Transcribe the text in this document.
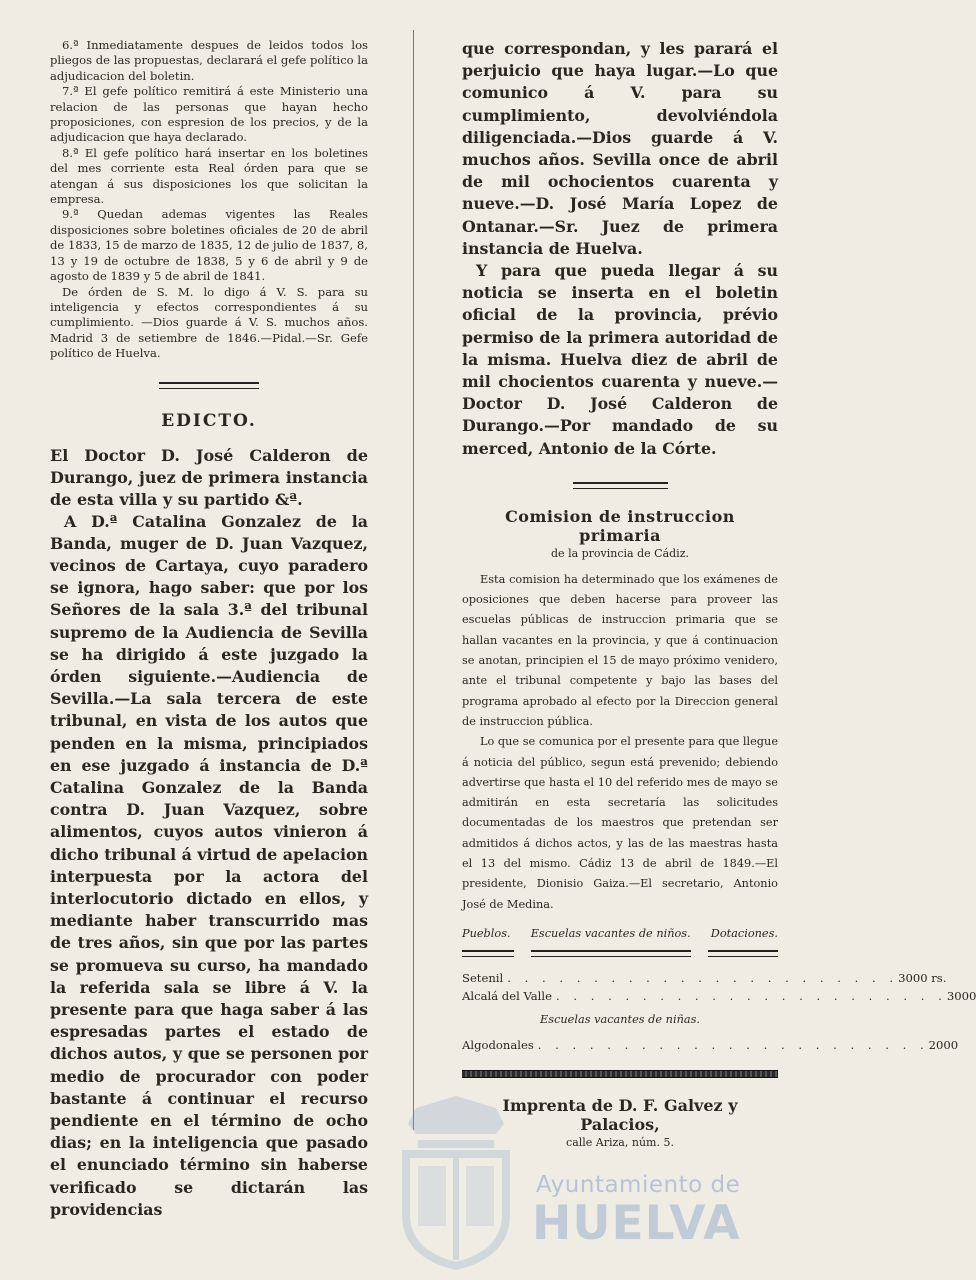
6.ª Inmediatamente despues de leidos todos los pliegos de las propuestas, declarará el gefe político la adjudicacion del boletin.

7.ª El gefe político remitirá á este Ministerio una relacion de las personas que hayan hecho proposiciones, con espresion de los precios, y de la adjudicacion que haya declarado.

8.ª El gefe político hará insertar en los boletines del mes corriente esta Real órden para que se atengan á sus disposiciones los que solicitan la empresa.

9.ª Quedan ademas vigentes las Reales disposiciones sobre boletines oficiales de 20 de abril de 1833, 15 de marzo de 1835, 12 de julio de 1837, 8, 13 y 19 de octubre de 1838, 5 y 6 de abril y 9 de agosto de 1839 y 5 de abril de 1841.

De órden de S. M. lo digo á V. S. para su inteligencia y efectos correspondientes á su cumplimiento. —Dios guarde á V. S. muchos años. Madrid 3 de setiembre de 1846.—Pidal.—Sr. Gefe político de Huelva.

EDICTO.

El Doctor D. José Calderon de Durango, juez de primera instancia de esta villa y su partido &ª.

A D.ª Catalina Gonzalez de la Banda, muger de D. Juan Vazquez, vecinos de Cartaya, cuyo paradero se ignora, hago saber: que por los Señores de la sala 3.ª del tribunal supremo de la Audiencia de Sevilla se ha dirigido á este juzgado la órden siguiente.—Audiencia de Sevilla.—La sala tercera de este tribunal, en vista de los autos que penden en la misma, principiados en ese juzgado á instancia de D.ª Catalina Gonzalez de la Banda contra D. Juan Vazquez, sobre alimentos, cuyos autos vinieron á dicho tribunal á virtud de apelacion interpuesta por la actora del interlocutorio dictado en ellos, y mediante haber transcurrido mas de tres años, sin que por las partes se promueva su curso, ha mandado la referida sala se libre á V. la presente para que haga saber á las espresadas partes el estado de dichos autos, y que se personen por medio de procurador con poder bastante á continuar el recurso pendiente en el término de ocho dias; en la inteligencia que pasado el enunciado término sin haberse verificado se dictarán las providencias

que correspondan, y les parará el perjuicio que haya lugar.—Lo que comunico á V. para su cumplimiento, devolviéndola diligenciada.—Dios guarde á V. muchos años. Sevilla once de abril de mil ochocientos cuarenta y nueve.—D. José María Lopez de Ontanar.—Sr. Juez de primera instancia de Huelva.

Y para que pueda llegar á su noticia se inserta en el boletin oficial de la provincia, prévio permiso de la primera autoridad de la misma. Huelva diez de abril de mil chocientos cuarenta y nueve.—Doctor D. José Calderon de Durango.—Por mandado de su merced, Antonio de la Córte.

Comision de instruccion primaria

de la provincia de Cádiz.

Esta comision ha determinado que los exámenes de oposiciones que deben hacerse para proveer las escuelas públicas de instruccion primaria que se hallan vacantes en la provincia, y que á continuacion se anotan, principien el 15 de mayo próximo venidero, ante el tribunal competente y bajo las bases del programa aprobado al efecto por la Direccion general de instruccion pública.

Lo que se comunica por el presente para que llegue á noticia del público, segun está prevenido; debiendo advertirse que hasta el 10 del referido mes de mayo se admitirán en esta secretaría las solicitudes documentadas de los maestros que pretendan ser admitidos á dichos actos, y las de las maestras hasta el 13 del mismo. Cádiz 13 de abril de 1849.—El presidente, Dionisio Gaiza.—El secretario, Antonio José de Medina.

Pueblos. Escuelas vacantes de niños. Dotaciones.
Setenil . . . . . . . . . . . . . . . . . . . . . . . 3000 rs.
Alcalá del Valle . . . . . . . . . . . . . . . . . . . . . . . 3000

Escuelas vacantes de niñas.

Algodonales . . . . . . . . . . . . . . . . . . . . . . . 2000

Imprenta de D. F. Galvez y Palacios,

calle Ariza, núm. 5.

Ayuntamiento de
HUELVA
